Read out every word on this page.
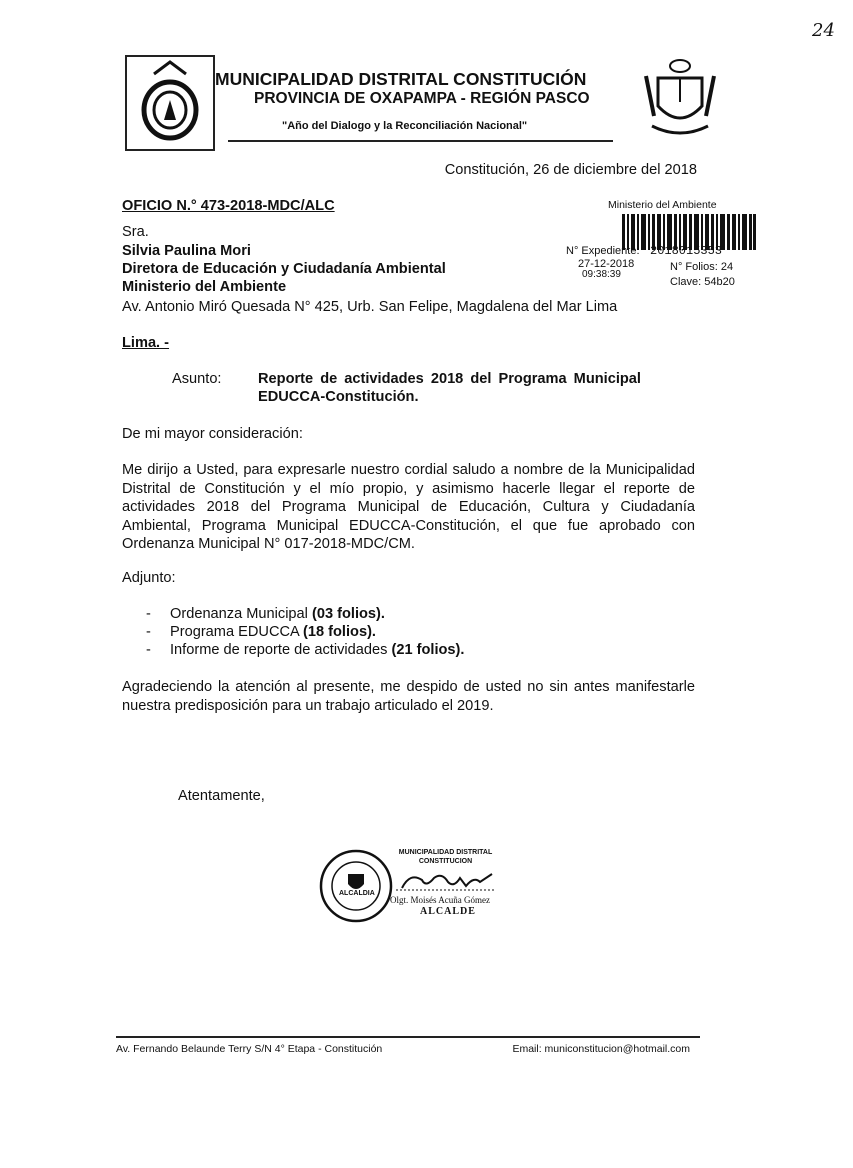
24
MUNICIPALIDAD DISTRITAL CONSTITUCIÓN
PROVINCIA DE OXAPAMPA - REGIÓN PASCO
"Año del Dialogo y la Reconciliación Nacional"
Constitución, 26 de diciembre del 2018
OFICIO N.° 473-2018-MDC/ALC	Ministerio del Ambiente
N° Expediente: 2018015353
27-12-2018
09:38:39
N° Folios: 24
Clave: 54b20
Sra.
Silvia Paulina Mori
Diretora de Educación y Ciudadanía Ambiental
Ministerio del Ambiente
Av. Antonio Miró Quesada N° 425, Urb. San Felipe, Magdalena del Mar Lima
Lima. -
Asunto:	Reporte de actividades 2018 del Programa Municipal
EDUCCA-Constitución.
De mi mayor consideración:
Me dirijo a Usted, para expresarle nuestro cordial saludo a nombre de la Municipalidad Distrital de Constitución y el mío propio, y asimismo hacerle llegar el reporte de actividades 2018 del Programa Municipal de Educación, Cultura y Ciudadanía Ambiental, Programa Municipal EDUCCA-Constitución, el que fue aprobado con Ordenanza Municipal N° 017-2018-MDC/CM.
Adjunto:
- Ordenanza Municipal (03 folios).
- Programa EDUCCA (18 folios).
- Informe de reporte de actividades (21 folios).
Agradeciendo la atención al presente, me despido de usted no sin antes manifestarle nuestra predisposición para un trabajo articulado el 2019.
Atentamente,
ALCALDIA
MUNICIPALIDAD DISTRITAL CONSTITUCION
Olgt. Moisés Acuña Gómez
ALCALDE
Av. Fernando Belaunde Terry S/N 4° Etapa - Constitución	Email: municonstitucion@hotmail.com
